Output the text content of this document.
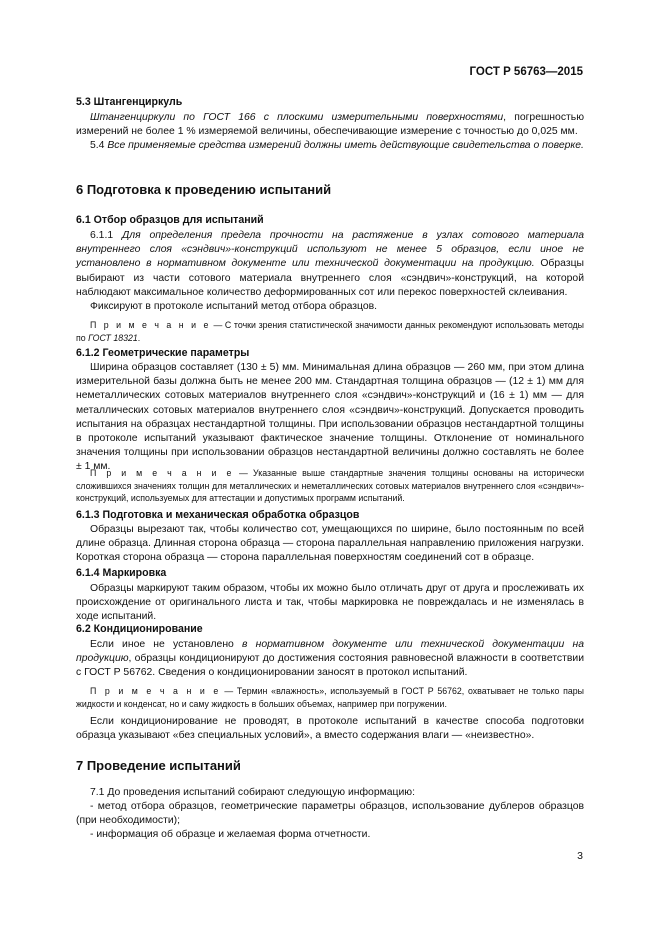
ГОСТ Р 56763—2015
5.3 Штангенциркуль
Штангенциркули по ГОСТ 166 с плоскими измерительными поверхностями, погрешностью измерений не более 1 % измеряемой величины, обеспечивающие измерение с точностью до 0,025 мм.
5.4 Все применяемые средства измерений должны иметь действующие свидетельства о поверке.
6 Подготовка к проведению испытаний
6.1 Отбор образцов для испытаний
6.1.1 Для определения предела прочности на растяжение в узлах сотового материала внутреннего слоя «сэндвич»-конструкций используют не менее 5 образцов, если иное не установлено в нормативном документе или технической документации на продукцию. Образцы выбирают из части сотового материала внутреннего слоя «сэндвич»-конструкций, на которой наблюдают максимальное количество деформированных сот или перекос поверхностей склеивания.
Фиксируют в протоколе испытаний метод отбора образцов.
П р и м е ч а н и е — С точки зрения статистической значимости данных рекомендуют использовать методы по ГОСТ 18321.
6.1.2 Геометрические параметры
Ширина образцов составляет (130 ± 5) мм. Минимальная длина образцов — 260 мм, при этом длина измерительной базы должна быть не менее 200 мм. Стандартная толщина образцов — (12 ± 1) мм для неметаллических сотовых материалов внутреннего слоя «сэндвич»-конструкций и (16 ± 1) мм — для металлических сотовых материалов внутреннего слоя «сэндвич»-конструкций. Допускается проводить испытания на образцах нестандартной толщины. При использовании образцов нестандартной толщины в протоколе испытаний указывают фактическое значение толщины. Отклонение от номинального значения толщины при использовании образцов нестандартной величины должно составлять не более ± 1 мм.
П р и м е ч а н и е — Указанные выше стандартные значения толщины основаны на исторически сложившихся значениях толщин для металлических и неметаллических сотовых материалов внутреннего слоя «сэндвич»-конструкций, используемых для аттестации и допустимых программ испытаний.
6.1.3 Подготовка и механическая обработка образцов
Образцы вырезают так, чтобы количество сот, умещающихся по ширине, было постоянным по всей длине образца. Длинная сторона образца — сторона параллельная направлению приложения нагрузки. Короткая сторона образца — сторона параллельная поверхностям соединений сот в образце.
6.1.4 Маркировка
Образцы маркируют таким образом, чтобы их можно было отличать друг от друга и прослеживать их происхождение от оригинального листа и так, чтобы маркировка не повреждалась и не изменялась в ходе испытаний.
6.2 Кондиционирование
Если иное не установлено в нормативном документе или технической документации на продукцию, образцы кондиционируют до достижения состояния равновесной влажности в соответствии с ГОСТ Р 56762. Сведения о кондиционировании заносят в протокол испытаний.
П р и м е ч а н и е — Термин «влажность», используемый в ГОСТ Р 56762, охватывает не только пары жидкости и конденсат, но и саму жидкость в больших объемах, например при погружении.
Если кондиционирование не проводят, в протоколе испытаний в качестве способа подготовки образца указывают «без специальных условий», а вместо содержания влаги — «неизвестно».
7 Проведение испытаний
7.1 До проведения испытаний собирают следующую информацию:
- метод отбора образцов, геометрические параметры образцов, использование дублеров образцов (при необходимости);
- информация об образце и желаемая форма отчетности.
3
